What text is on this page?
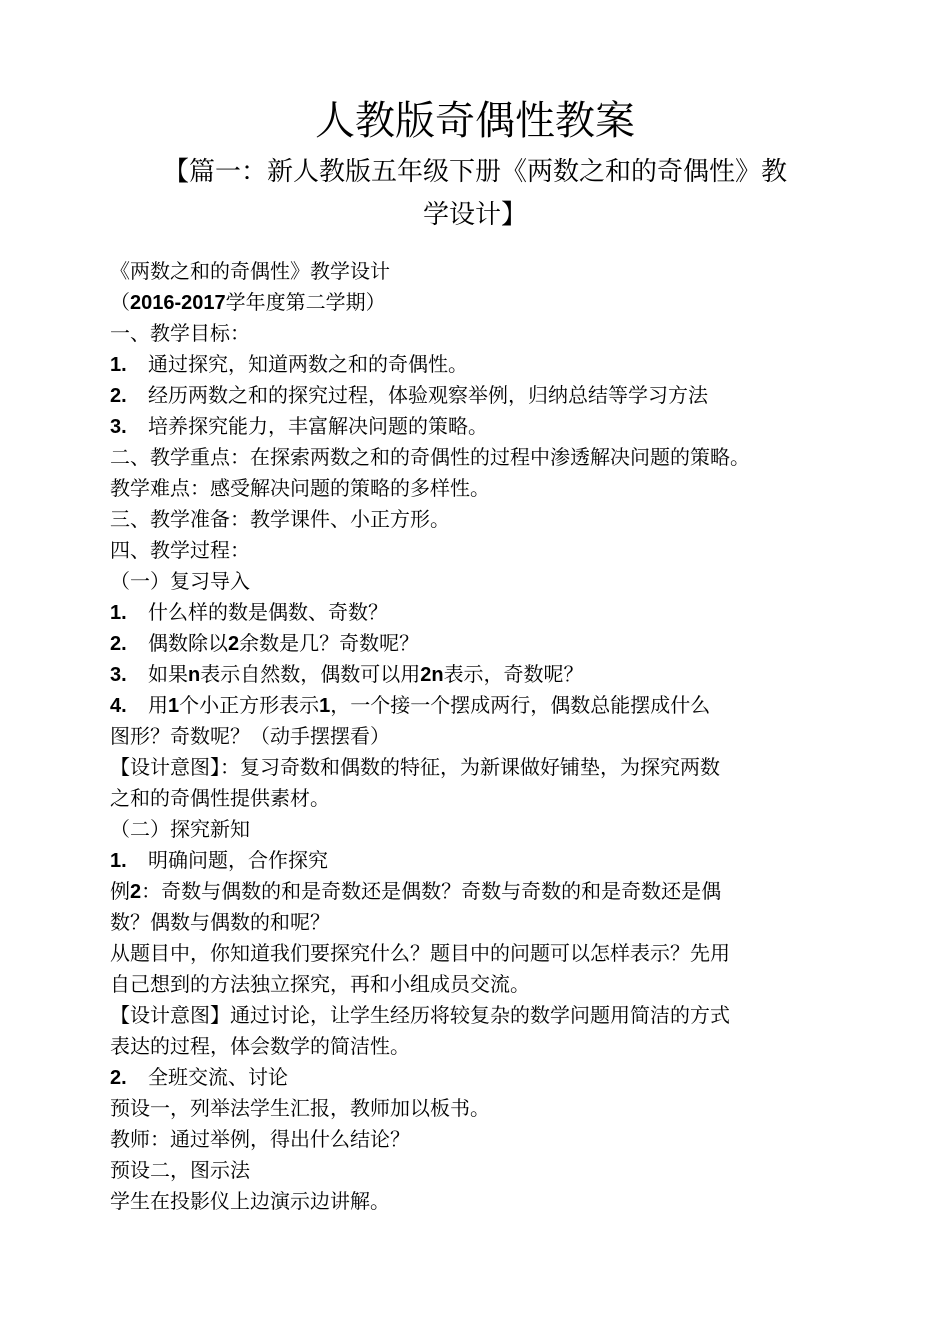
人教版奇偶性教案
【篇一：新人教版五年级下册《两数之和的奇偶性》教
学设计】
《两数之和的奇偶性》教学设计
（2016-2017学年度第二学期）
一、教学目标：
1. 通过探究，知道两数之和的奇偶性。
2. 经历两数之和的探究过程，体验观察举例，归纳总结等学习方法
3. 培养探究能力，丰富解决问题的策略。
二、教学重点：在探索两数之和的奇偶性的过程中渗透解决问题的策略。
教学难点：感受解决问题的策略的多样性。
三、教学准备：教学课件、小正方形。
四、教学过程：
（一）复习导入
1. 什么样的数是偶数、奇数？
2. 偶数除以2余数是几？奇数呢？
3. 如果n表示自然数，偶数可以用2n表示，奇数呢？
4. 用1个小正方形表示1，一个接一个摆成两行，偶数总能摆成什么
图形？奇数呢？（动手摆摆看）
【设计意图】：复习奇数和偶数的特征，为新课做好铺垫，为探究两数
之和的奇偶性提供素材。
（二）探究新知
1. 明确问题，合作探究
例2：奇数与偶数的和是奇数还是偶数？奇数与奇数的和是奇数还是偶
数？偶数与偶数的和呢？
从题目中，你知道我们要探究什么？题目中的问题可以怎样表示？先用
自己想到的方法独立探究，再和小组成员交流。
【设计意图】通过讨论，让学生经历将较复杂的数学问题用简洁的方式
表达的过程，体会数学的简洁性。
2. 全班交流、讨论
预设一，列举法学生汇报，教师加以板书。
教师：通过举例，得出什么结论？
预设二，图示法
学生在投影仪上边演示边讲解。
